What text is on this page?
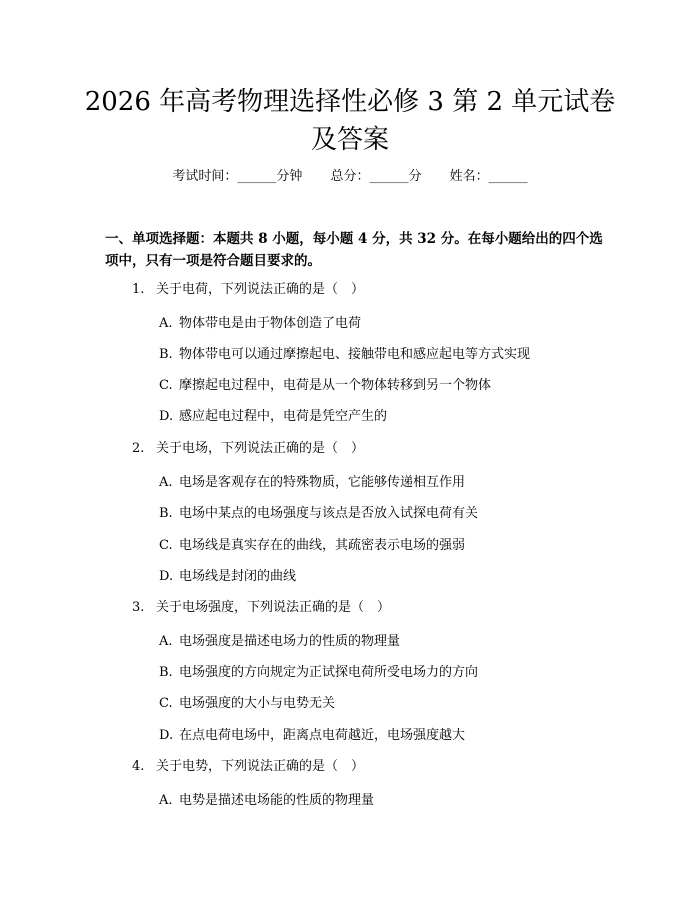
2026 年高考物理选择性必修 3 第 2 单元试卷
及答案
考试时间：______分钟 总分：______分 姓名：______
一、单项选择题：本题共 8 小题，每小题 4 分，共 32 分。在每小题给出的四个选项中，只有一项是符合题目要求的。
1. 关于电荷，下列说法正确的是（　）
A. 物体带电是由于物体创造了电荷
B. 物体带电可以通过摩擦起电、接触带电和感应起电等方式实现
C. 摩擦起电过程中，电荷是从一个物体转移到另一个物体
D. 感应起电过程中，电荷是凭空产生的
2. 关于电场，下列说法正确的是（　）
A. 电场是客观存在的特殊物质，它能够传递相互作用
B. 电场中某点的电场强度与该点是否放入试探电荷有关
C. 电场线是真实存在的曲线，其疏密表示电场的强弱
D. 电场线是封闭的曲线
3. 关于电场强度，下列说法正确的是（　）
A. 电场强度是描述电场力的性质的物理量
B. 电场强度的方向规定为正试探电荷所受电场力的方向
C. 电场强度的大小与电势无关
D. 在点电荷电场中，距离点电荷越近，电场强度越大
4. 关于电势，下列说法正确的是（　）
A. 电势是描述电场能的性质的物理量
